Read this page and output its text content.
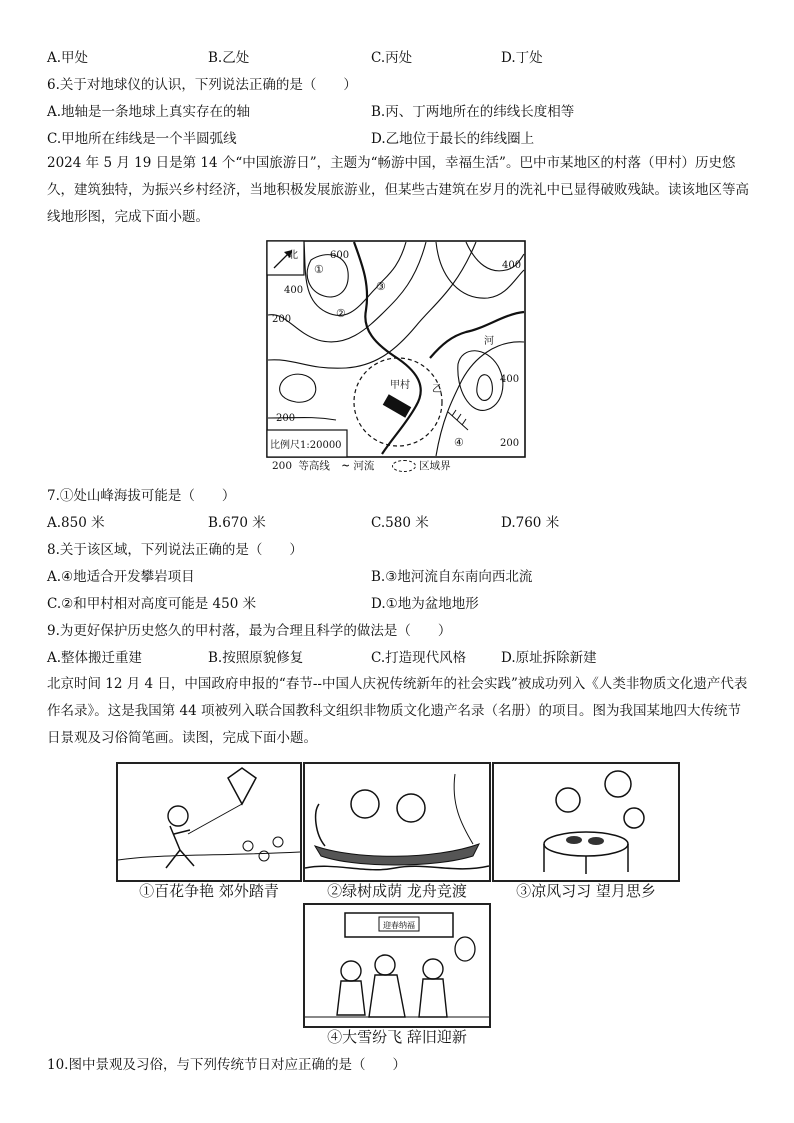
A.甲处	B.乙处	C.丙处	D.丁处
6.关于对地球仪的认识，下列说法正确的是（　　）
A.地轴是一条地球上真实存在的轴	B.丙、丁两地所在的纬线长度相等
C.甲地所在纬线是一个半圆弧线	D.乙地位于最长的纬线圈上
2024 年 5 月 19 日是第 14 个“中国旅游日”，主题为“畅游中国，幸福生活”。巴中市某地区的村落（甲村）历史悠久，建筑独特，为振兴乡村经济，当地积极发展旅游业，但某些古建筑在岁月的洗礼中已显得破败残缺。读该地区等高线地形图，完成下面小题。
北
比例尺1:20000
600
400
200
400
400
200
200
①
②
③
④
河
甲村 乙
200 等高线 ~ 河流	区域界
7.①处山峰海拔可能是（　　）
A.850 米	B.670 米	C.580 米	D.760 米
8.关于该区域，下列说法正确的是（　　）
A.④地适合开发攀岩项目	B.③地河流自东南向西北流
C.②和甲村相对高度可能是 450 米	D.①地为盆地地形
9.为更好保护历史悠久的甲村落，最为合理且科学的做法是（　　）
A.整体搬迁重建	B.按照原貌修复	C.打造现代风格	D.原址拆除新建
北京时间 12 月 4 日，中国政府申报的“春节--中国人庆祝传统新年的社会实践”被成功列入《人类非物质文化遗产代表作名录》。这是我国第 44 项被列入联合国教科文组织非物质文化遗产名录（名册）的项目。图为我国某地四大传统节日景观及习俗简笔画。读图，完成下面小题。
迎春纳福
①百花争艳 郊外踏青	②绿树成荫 龙舟竞渡	③凉风习习 望月思乡
④大雪纷飞 辞旧迎新
10.图中景观及习俗，与下列传统节日对应正确的是（　　）
